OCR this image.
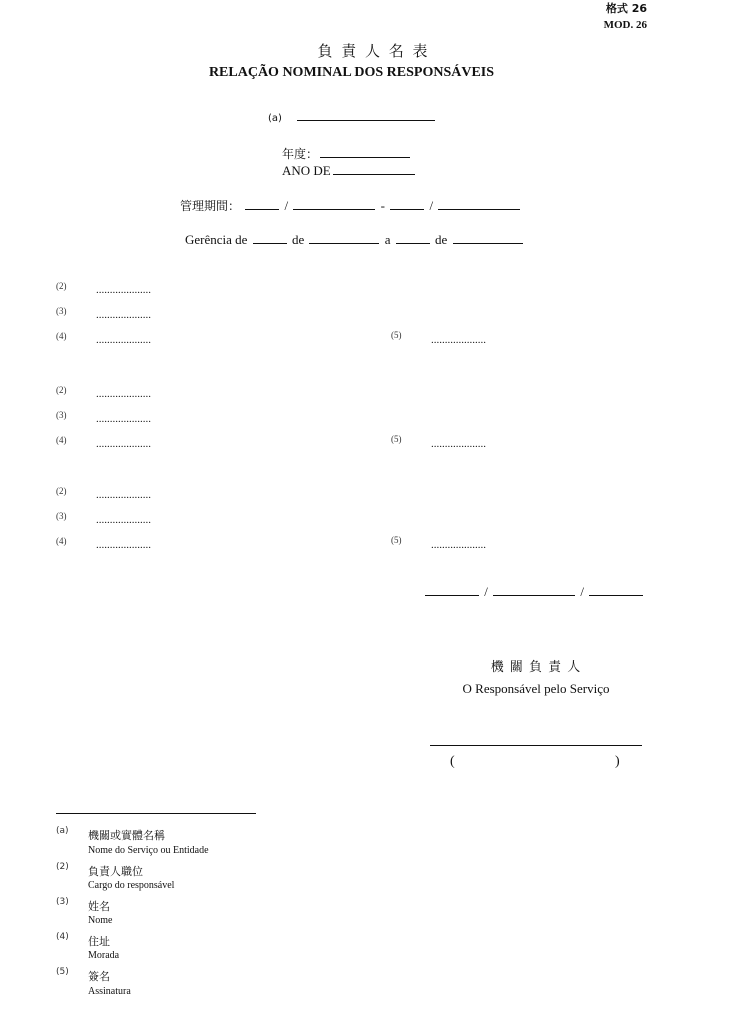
格式 26
MOD. 26
負 責 人 名 表
RELAÇÃO NOMINAL DOS RESPONSÁVEIS
(a)
年度：
ANO DE
管理期間：	/	-	/
Gerência de	de	a	de
(2)	....................
(3)	....................
(4)	....................	(5)	....................
(2)	....................
(3)	....................
(4)	....................	(5)	....................
(2)	....................
(3)	....................
(4)	....................	(5)	....................
/	/
機 關 負 責 人
O Responsável pelo Serviço
(	)
(a) 機關或實體名稱
Nome do Serviço ou Entidade
(2) 負責人職位
Cargo do responsável
(3) 姓名
Nome
(4) 住址
Morada
(5) 簽名
Assinatura
